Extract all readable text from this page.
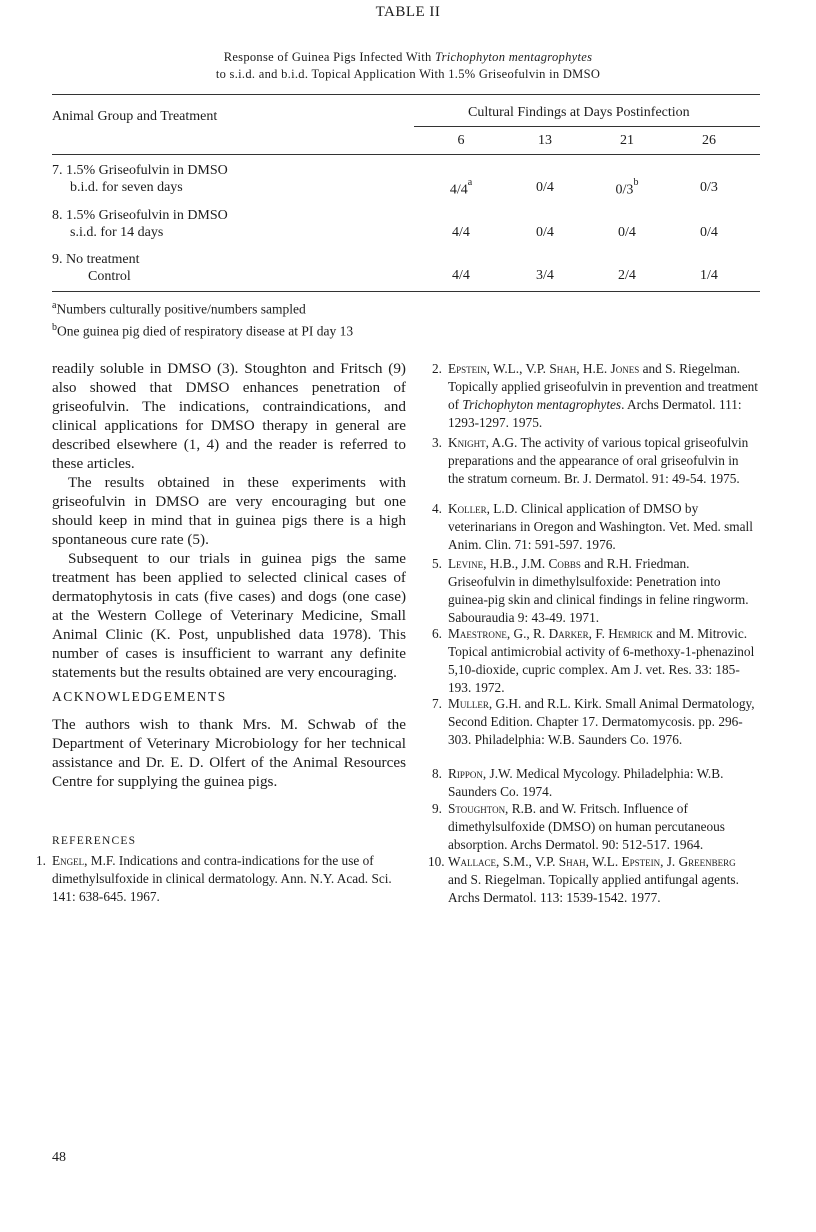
TABLE II
Response of Guinea Pigs Infected With Trichophyton mentagrophytes
to s.i.d. and b.i.d. Topical Application With 1.5% Griseofulvin in DMSO
Animal Group and Treatment	Cultural Findings at Days Postinfection
6	13	21	26
7. 1.5% Griseofulvin in DMSO
b.i.d. for seven days	4/4$^a$	0/4	0/3$^b$	0/3
8. 1.5% Griseofulvin in DMSO
s.i.d. for 14 days	4/4	0/4	0/4	0/4
9. No treatment
Control	4/4	3/4	2/4	1/4
$^a$Numbers culturally positive/numbers sampled
$^b$One guinea pig died of respiratory disease at PI day 13

readily soluble in DMSO (3). Stoughton and Fritsch (9) also showed that DMSO enhances penetration of griseofulvin. The indications, contraindications, and clinical applications for DMSO therapy in general are described elsewhere (1, 4) and the reader is referred to these articles.

The results obtained in these experiments with griseofulvin in DMSO are very encouraging but one should keep in mind that in guinea pigs there is a high spontaneous cure rate (5).

Subsequent to our trials in guinea pigs the same treatment has been applied to selected clinical cases of dermatophytosis in cats (five cases) and dogs (one case) at the Western College of Veterinary Medicine, Small Animal Clinic (K. Post, unpublished data 1978). This number of cases is insufficient to warrant any definite statements but the results obtained are very encouraging.

ACKNOWLEDGEMENTS
The authors wish to thank Mrs. M. Schwab of the Department of Veterinary Microbiology for her technical assistance and Dr. E. D. Olfert of the Animal Resources Centre for supplying the guinea pigs.
REFERENCES
1. Engel, M.F. Indications and contra-indications for the use of dimethylsulfoxide in clinical dermatology. Ann. N.Y. Acad. Sci. 141: 638-645. 1967.
2. Epstein, W.L., V.P. Shah, H.E. Jones and S. Riegelman. Topically applied griseofulvin in prevention and treatment of Trichophyton mentagrophytes. Archs Dermatol. 111: 1293-1297. 1975.
3. Knight, A.G. The activity of various topical griseofulvin preparations and the appearance of oral griseofulvin in the stratum corneum. Br. J. Dermatol. 91: 49-54. 1975.
4. Koller, L.D. Clinical application of DMSO by veterinarians in Oregon and Washington. Vet. Med. small Anim. Clin. 71: 591-597. 1976.
5. Levine, H.B., J.M. Cobbs and R.H. Friedman. Griseofulvin in dimethylsulfoxide: Penetration into guinea-pig skin and clinical findings in feline ringworm. Sabouraudia 9: 43-49. 1971.
6. Maestrone, G., R. Darker, F. Hemrick and M. Mitrovic. Topical antimicrobial activity of 6-methoxy-1-phenazinol 5,10-dioxide, cupric complex. Am J. vet. Res. 33: 185-193. 1972.
7. Muller, G.H. and R.L. Kirk. Small Animal Dermatology, Second Edition. Chapter 17. Dermatomycosis. pp. 296-303. Philadelphia: W.B. Saunders Co. 1976.
8. Rippon, J.W. Medical Mycology. Philadelphia: W.B. Saunders Co. 1974.
9. Stoughton, R.B. and W. Fritsch. Influence of dimethylsulfoxide (DMSO) on human percutaneous absorption. Archs Dermatol. 90: 512-517. 1964.
10. Wallace, S.M., V.P. Shah, W.L. Epstein, J. Greenberg and S. Riegelman. Topically applied antifungal agents. Archs Dermatol. 113: 1539-1542. 1977.
48
